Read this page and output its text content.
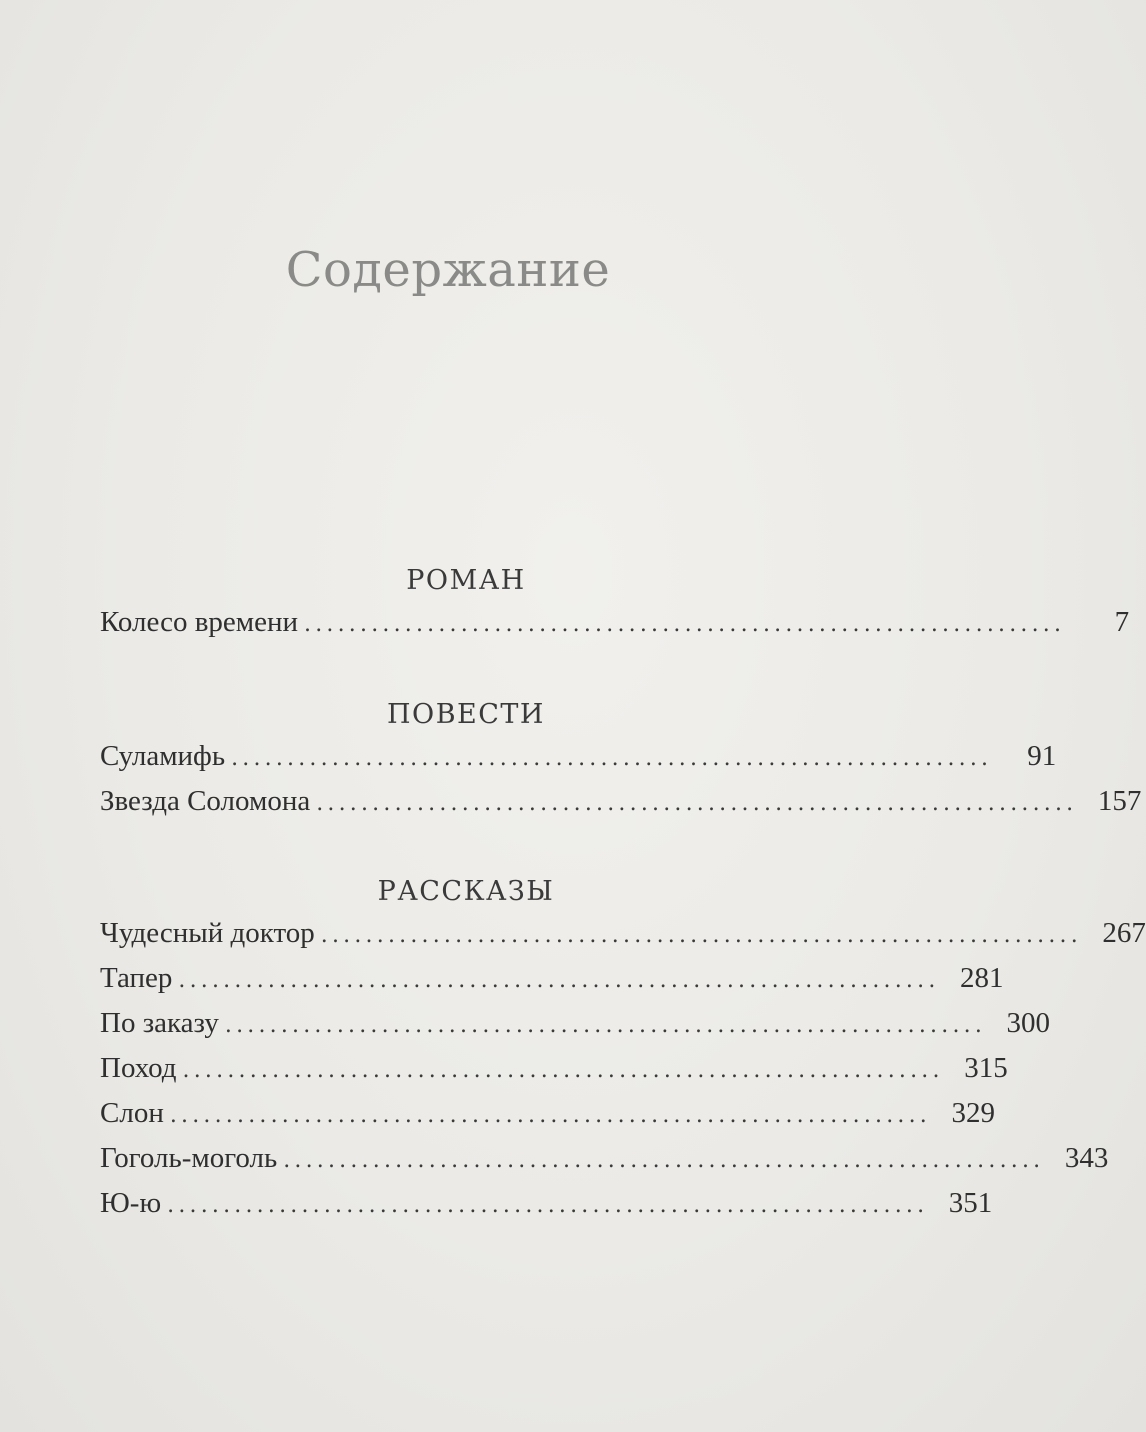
Содержание
РОМАН
Колесо времени ....................................................................	7
ПОВЕСТИ
Суламифь ....................................................................	91
Звезда Соломона .................................................................... 157
РАССКАЗЫ
Чудесный доктор .................................................................... 267
Тапер .................................................................... 281
По заказу .................................................................... 300
Поход .................................................................... 315
Слон .................................................................... 329
Гоголь-моголь .................................................................... 343
Ю-ю .................................................................... 351
